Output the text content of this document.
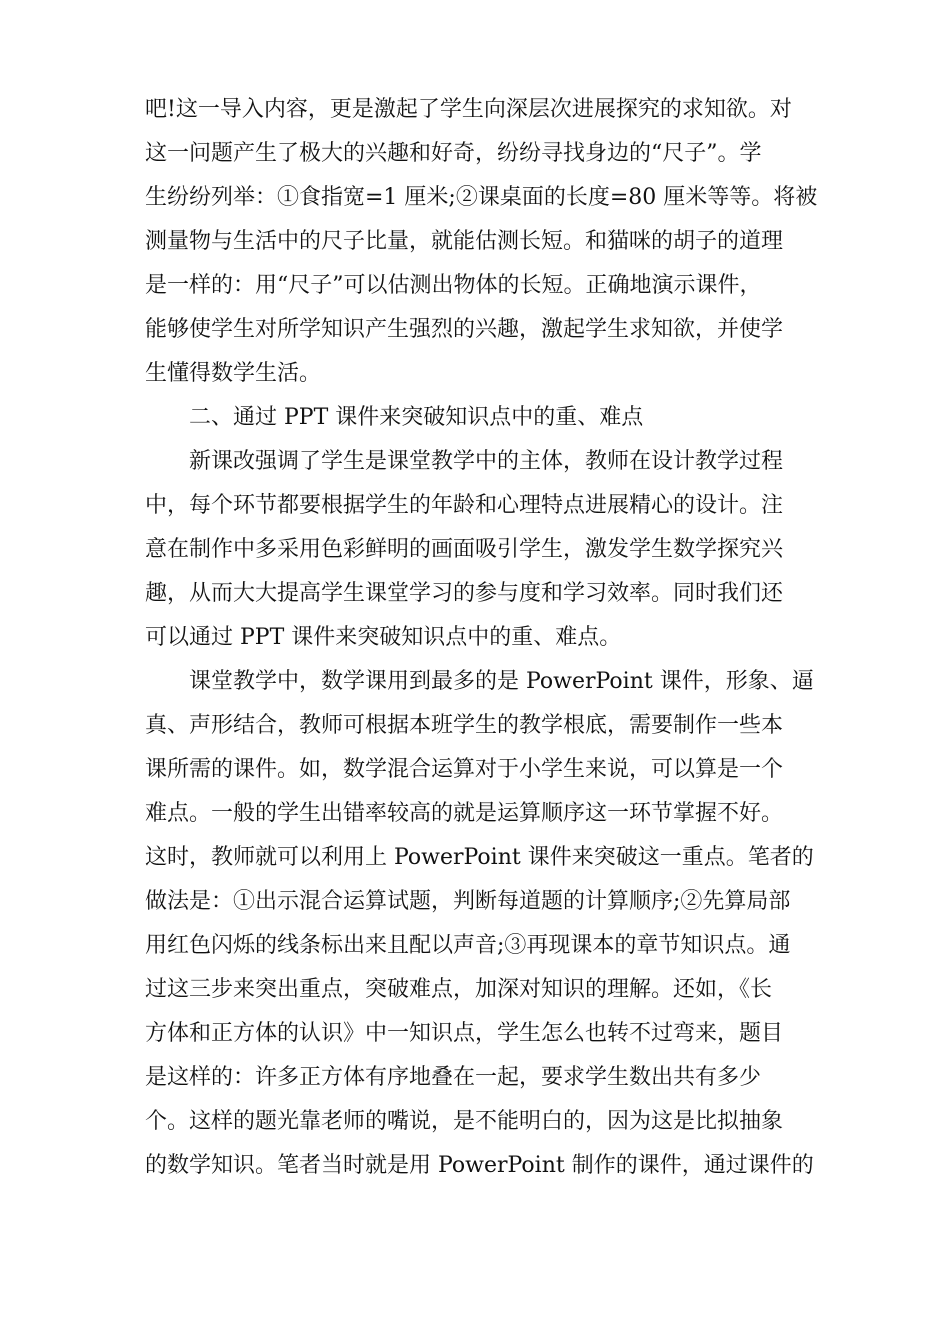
吧!这一导入内容，更是激起了学生向深层次进展探究的求知欲。对
这一问题产生了极大的兴趣和好奇，纷纷寻找身边的“尺子”。学
生纷纷列举：①食指宽=1 厘米;②课桌面的长度=80 厘米等等。将被
测量物与生活中的尺子比量，就能估测长短。和猫咪的胡子的道理
是一样的：用“尺子”可以估测出物体的长短。正确地演示课件，
能够使学生对所学知识产生强烈的兴趣，激起学生求知欲，并使学
生懂得数学生活。
二、通过 PPT 课件来突破知识点中的重、难点
新课改强调了学生是课堂教学中的主体，教师在设计教学过程
中，每个环节都要根据学生的年龄和心理特点进展精心的设计。注
意在制作中多采用色彩鲜明的画面吸引学生，激发学生数学探究兴
趣，从而大大提高学生课堂学习的参与度和学习效率。同时我们还
可以通过 PPT 课件来突破知识点中的重、难点。
课堂教学中，数学课用到最多的是 PowerPoint 课件，形象、逼
真、声形结合，教师可根据本班学生的教学根底，需要制作一些本
课所需的课件。如，数学混合运算对于小学生来说，可以算是一个
难点。一般的学生出错率较高的就是运算顺序这一环节掌握不好。
这时，教师就可以利用上 PowerPoint 课件来突破这一重点。笔者的
做法是：①出示混合运算试题，判断每道题的计算顺序;②先算局部
用红色闪烁的线条标出来且配以声音;③再现课本的章节知识点。通
过这三步来突出重点，突破难点，加深对知识的理解。还如，《长
方体和正方体的认识》中一知识点，学生怎么也转不过弯来，题目
是这样的：许多正方体有序地叠在一起，要求学生数出共有多少
个。这样的题光靠老师的嘴说，是不能明白的，因为这是比拟抽象
的数学知识。笔者当时就是用 PowerPoint 制作的课件，通过课件的
